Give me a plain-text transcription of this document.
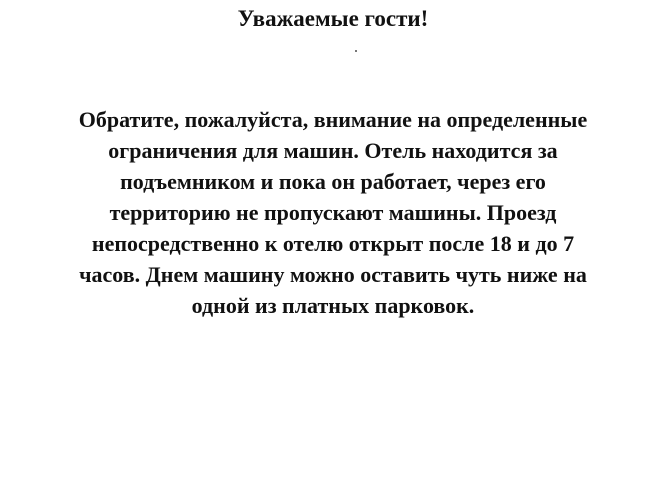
Уважаемые гости!

Обратите, пожалуйста, внимание на определенные
ограничения для машин. Отель находится за
подъемником и пока он работает, через его
территорию не пропускают машины. Проезд
непосредственно к отелю открыт после 18 и до 7
часов. Днем машину можно оставить чуть ниже на
одной из платных парковок.
